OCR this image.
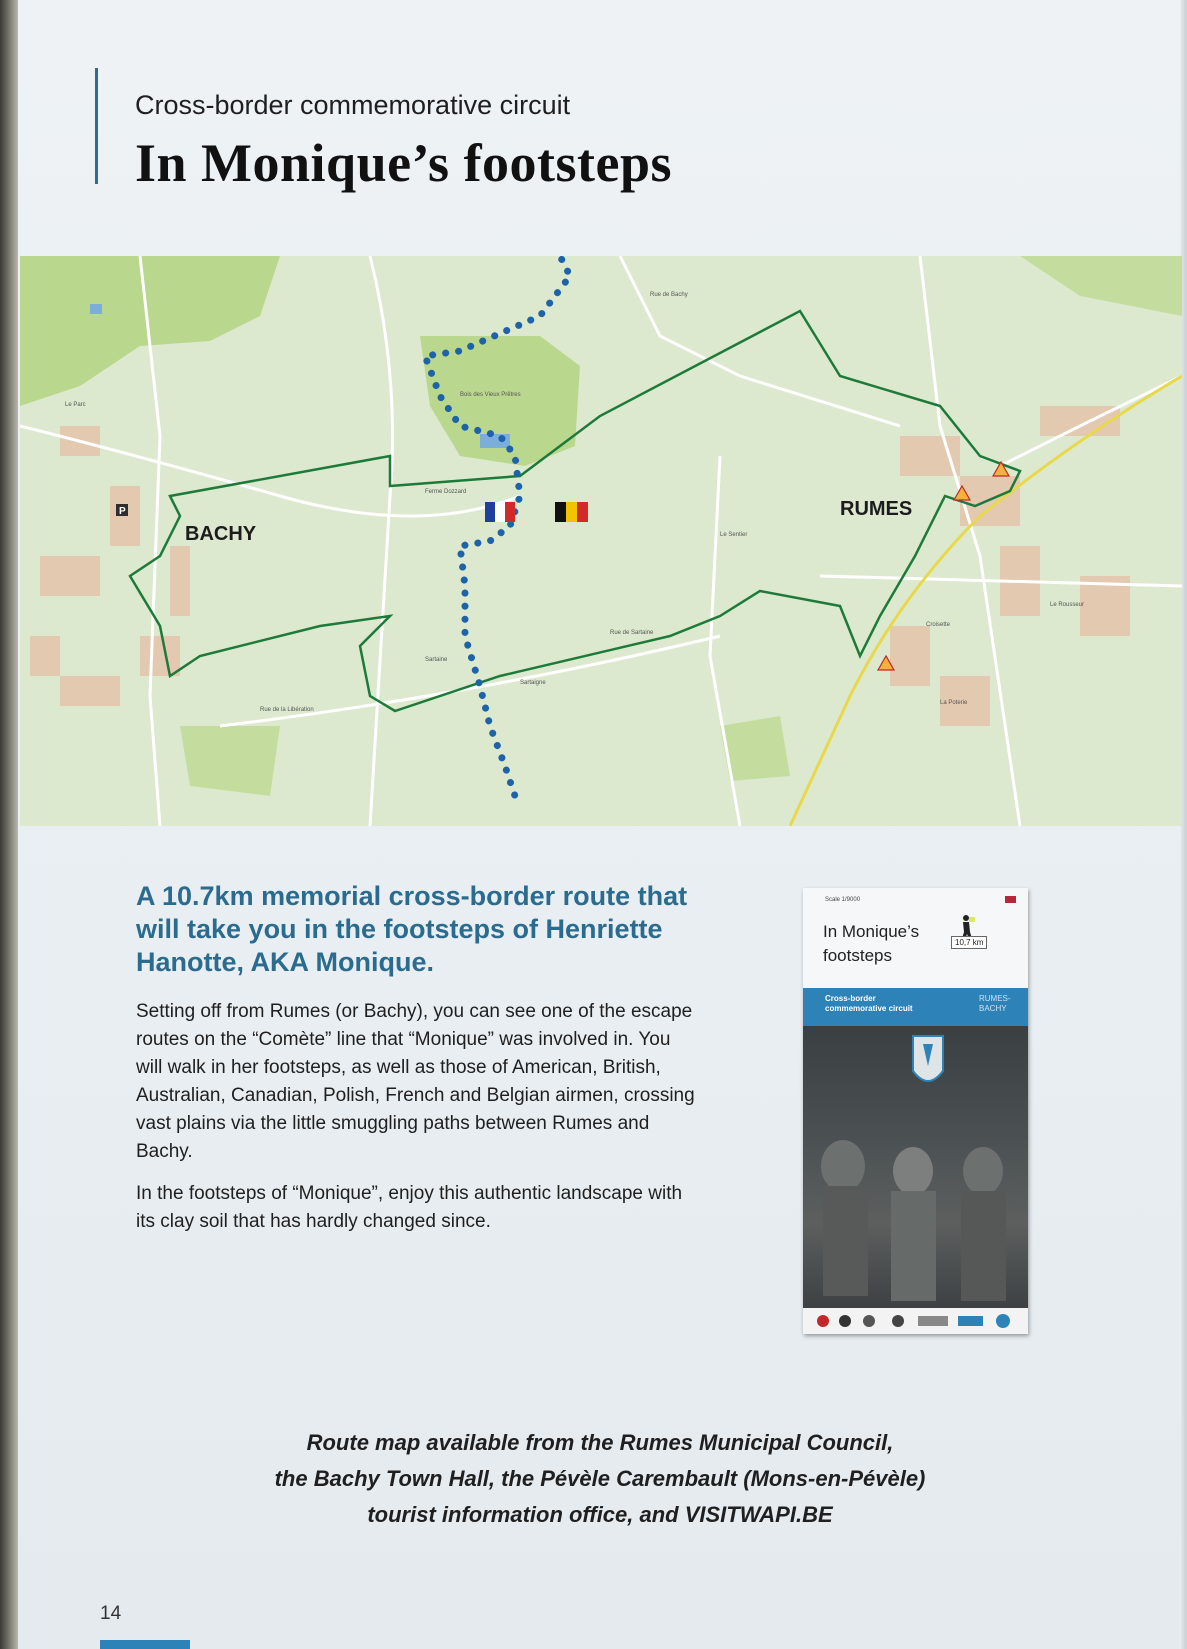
Cross-border commemorative circuit
In Monique’s footsteps
P
BACHY
RUMES
Le Parc
Bois des Vieux Prêtres
Ferme Dozzard
Le Sentier
Sartaine
Sartaigne
Rue de Sartaine
Rue de Bachy
Croisette
Le Rousseur
La Poterie
Rue de la Libération
A 10.7km memorial cross-border route that will take you in the footsteps of Henriette Hanotte, AKA Monique.

Setting off from Rumes (or Bachy), you can see one of the escape routes on the “Comète” line that “Monique” was involved in. You will walk in her footsteps, as well as those of American, British, Australian, Canadian, Polish, French and Belgian airmen, crossing vast plains via the little smuggling paths between Rumes and Bachy.

In the footsteps of “Monique”, enjoy this authentic landscape with its clay soil that has hardly changed since.

Scale 1/9000
In Monique’s
footsteps
10,7 km
Cross-border
commemorative circuit
RUMES-
BACHY
Route map available from the Rumes Municipal Council,
the Bachy Town Hall, the Pévèle Carembault (Mons-en-Pévèle)
tourist information office, and VISITWAPI.BE
14
